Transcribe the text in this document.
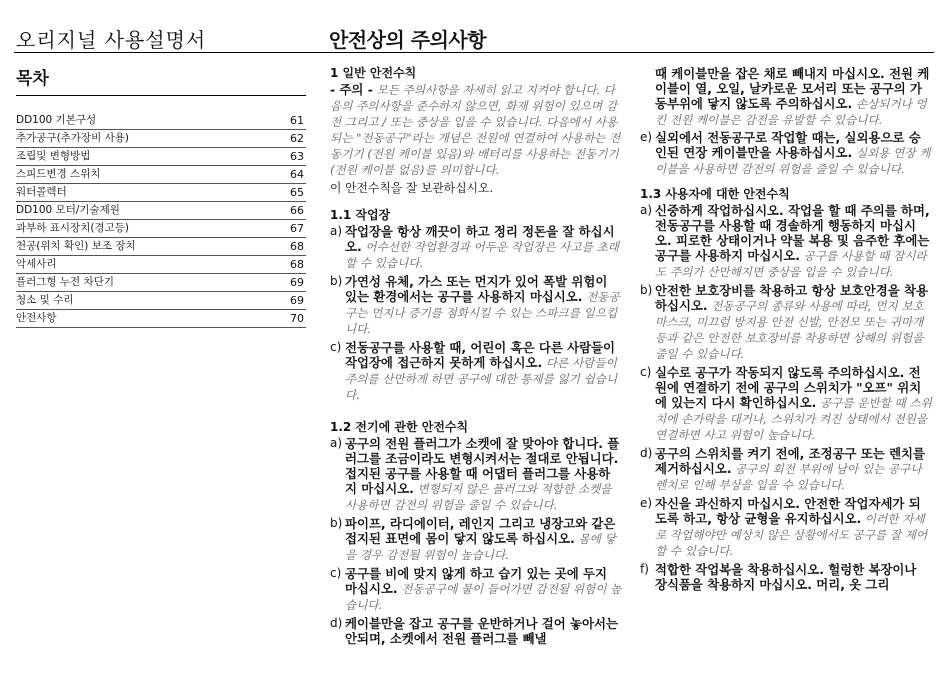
오리지널 사용설명서	안전상의 주의사항
목차
DD100 기본구성	61
추가공구(추가장비 사용)	62
조립및 변형방법	63
스피드변경 스위치	64
워터콜렉터	65
DD100 모터/기술제원	66
과부하 표시장치(경고등)	67
천공(위치 확인) 보조 장치	68
악세사리	68
플러그형 누전 차단기	69
청소 및 수리	69
안전사항	70
1 일반 안전수칙

- 주의 - 모든 주의사항을 자세히 읽고 지켜야 합니다. 다음의 주의사항을 준수하지 않으면, 화재 위험이 있으며 감전 그리고 / 또는 중상을 입을 수 있습니다. 다음에서 사용되는 "전동공구"라는 개념은 전원에 연결하여 사용하는 전동기기 (전원 케이블 있음)와 배터리를 사용하는 전동기기 (전원 케이블 없음)를 의미합니다.

이 안전수칙을 잘 보관하십시오.

1.1 작업장
a) 작업장을 항상 깨끗이 하고 정리 정돈을 잘 하십시오. 어수선한 작업환경과 어두운 작업장은 사고를 초래할 수 있습니다.
b) 가연성 유체, 가스 또는 먼지가 있어 폭발 위험이 있는 환경에서는 공구를 사용하지 마십시오. 전동공구는 먼지나 증기를 점화시킬 수 있는 스파크를 일으킵니다.
c) 전동공구를 사용할 때, 어린이 혹은 다른 사람들이 작업장에 접근하지 못하게 하십시오. 다른 사람들이 주의를 산만하게 하면 공구에 대한 통제를 잃기 쉽습니다.
1.2 전기에 관한 안전수칙
a) 공구의 전원 플러그가 소켓에 잘 맞아야 합니다. 플러그를 조금이라도 변형시켜서는 절대로 안됩니다. 접지된 공구를 사용할 때 어댑터 플러그를 사용하지 마십시오. 변형되지 않은 플러그와 적합한 소켓을 사용하면 감전의 위험을 줄일 수 있습니다.
b) 파이프, 라디에이터, 레인지 그리고 냉장고와 같은 접지된 표면에 몸이 닿지 않도록 하십시오. 몸에 닿을 경우 감전될 위험이 높습니다.
c) 공구를 비에 맞지 않게 하고 습기 있는 곳에 두지 마십시오. 전동공구에 물이 들어가면 감전될 위험이 높습니다.
d) 케이블만을 잡고 공구를 운반하거나 걸어 놓아서는 안되며, 소켓에서 전원 플러그를 빼낼

때 케이블만을 잡은 채로 빼내지 마십시오. 전원 케이블이 열, 오일, 날카로운 모서리 또는 공구의 가동부위에 닿지 않도록 주의하십시오. 손상되거나 엉킨 전원 케이블은 감전을 유발할 수 있습니다.

e) 실외에서 전동공구로 작업할 때는, 실외용으로 승인된 연장 케이블만을 사용하십시오. 실외용 연장 케이블을 사용하면 감전의 위험을 줄일 수 있습니다.
1.3 사용자에 대한 안전수칙
a) 신중하게 작업하십시오. 작업을 할 때 주의를 하며, 전동공구를 사용할 때 경솔하게 행동하지 마십시오. 피로한 상태이거나 약물 복용 및 음주한 후에는 공구를 사용하지 마십시오. 공구를 사용할 때 잠시라도 주의가 산만해지면 중상을 입을 수 있습니다.
b) 안전한 보호장비를 착용하고 항상 보호안경을 착용하십시오. 전동공구의 종류와 사용에 따라, 먼지 보호 마스크, 미끄럼 방지용 안전 신발, 안전모 또는 귀마개 등과 같은 안전한 보호장비를 착용하면 상해의 위험을 줄일 수 있습니다.
c) 실수로 공구가 작동되지 않도록 주의하십시오. 전원에 연결하기 전에 공구의 스위치가 "오프" 위치에 있는지 다시 확인하십시오. 공구를 운반할 때 스위치에 손가락을 대거나, 스위치가 켜진 상태에서 전원을 연결하면 사고 위험이 높습니다.
d) 공구의 스위치를 켜기 전에, 조정공구 또는 렌치를 제거하십시오. 공구의 회전 부위에 남아 있는 공구나 렌치로 인해 부상을 입을 수 있습니다.
e) 자신을 과신하지 마십시오. 안전한 작업자세가 되도록 하고, 항상 균형을 유지하십시오. 이러한 자세로 작업해야만 예상치 않은 상황에서도 공구를 잘 제어할 수 있습니다.
f) 적합한 작업복을 착용하십시오. 헐렁한 복장이나 장식품을 착용하지 마십시오. 머리, 옷 그리
